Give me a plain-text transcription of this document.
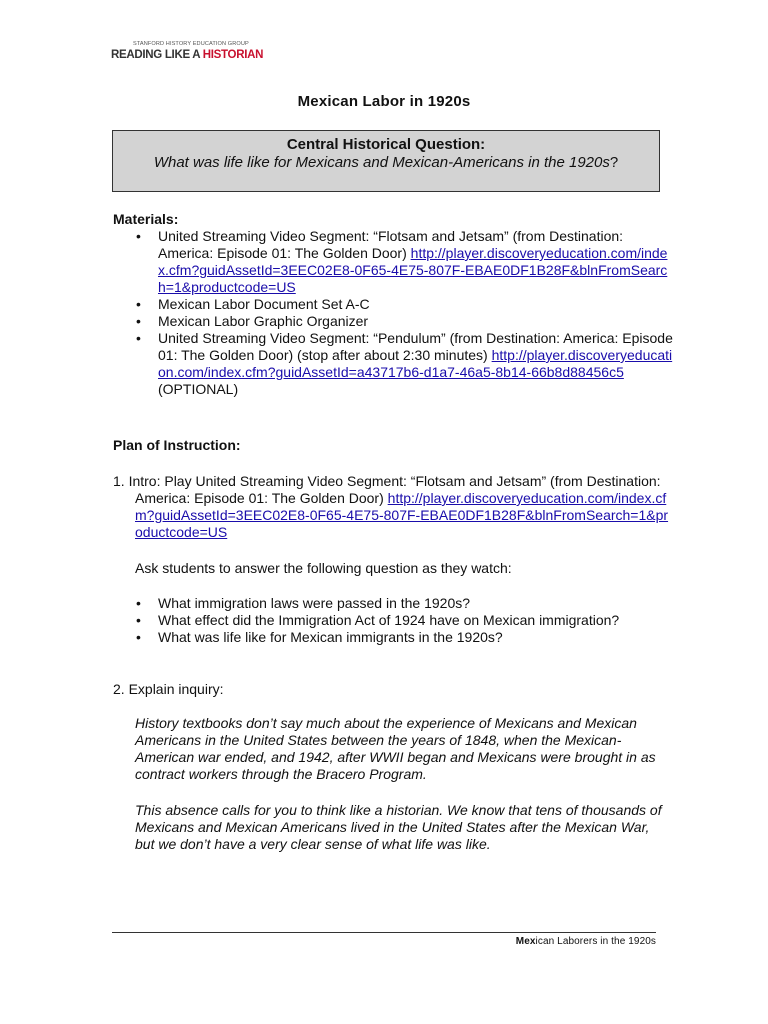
STANFORD HISTORY EDUCATION GROUP
READING LIKE A HISTORIAN
Mexican Labor in 1920s
Central Historical Question:
What was life like for Mexicans and Mexican-Americans in the 1920s?
Materials:
• United Streaming Video Segment: “Flotsam and Jetsam” (from Destination: America: Episode 01: The Golden Door) http://player.discoveryeducation.com/index.cfm?guidAssetId=3EEC02E8-0F65-4E75-807F-EBAE0DF1B28F&blnFromSearch=1&productcode=US
• Mexican Labor Document Set A-C
• Mexican Labor Graphic Organizer
• United Streaming Video Segment: “Pendulum” (from Destination: America: Episode 01: The Golden Door) (stop after about 2:30 minutes) http://player.discoveryeducation.com/index.cfm?guidAssetId=a43717b6-d1a7-46a5-8b14-66b8d88456c5 (OPTIONAL)
Plan of Instruction:
1. Intro: Play United Streaming Video Segment: “Flotsam and Jetsam” (from Destination: America: Episode 01: The Golden Door) http://player.discoveryeducation.com/index.cfm?guidAssetId=3EEC02E8-0F65-4E75-807F-EBAE0DF1B28F&blnFromSearch=1&productcode=US
Ask students to answer the following question as they watch:
• What immigration laws were passed in the 1920s?
• What effect did the Immigration Act of 1924 have on Mexican immigration?
• What was life like for Mexican immigrants in the 1920s?
2. Explain inquiry:
History textbooks don’t say much about the experience of Mexicans and Mexican Americans in the United States between the years of 1848, when the Mexican-American war ended, and 1942, after WWII began and Mexicans were brought in as contract workers through the Bracero Program.
This absence calls for you to think like a historian. We know that tens of thousands of Mexicans and Mexican Americans lived in the United States after the Mexican War, but we don’t have a very clear sense of what life was like.
Mexican Laborers in the 1920s
